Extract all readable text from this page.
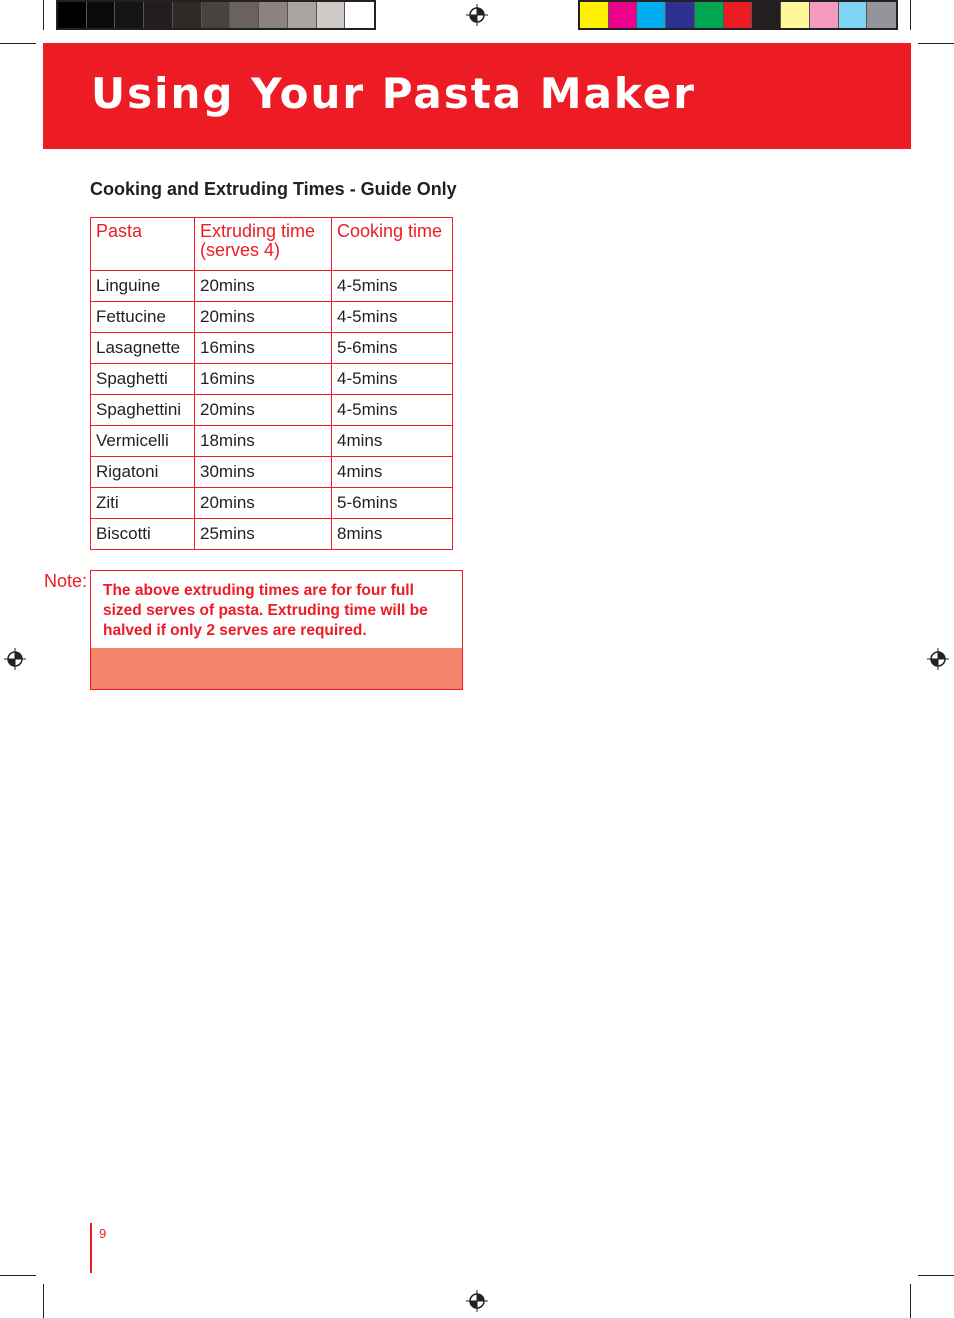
Using Your Pasta Maker
Cooking and Extruding Times - Guide Only
Pasta	Extruding time (serves 4)	Cooking time
Linguine	20mins	4-5mins
Fettucine	20mins	4-5mins
Lasagnette	16mins	5-6mins
Spaghetti	16mins	4-5mins
Spaghettini	20mins	4-5mins
Vermicelli	18mins	4mins
Rigatoni	30mins	4mins
Ziti	20mins	5-6mins
Biscotti	25mins	8mins
Note: The above extruding times are for four full sized serves of pasta. Extruding time will be halved if only 2 serves are required.

9
